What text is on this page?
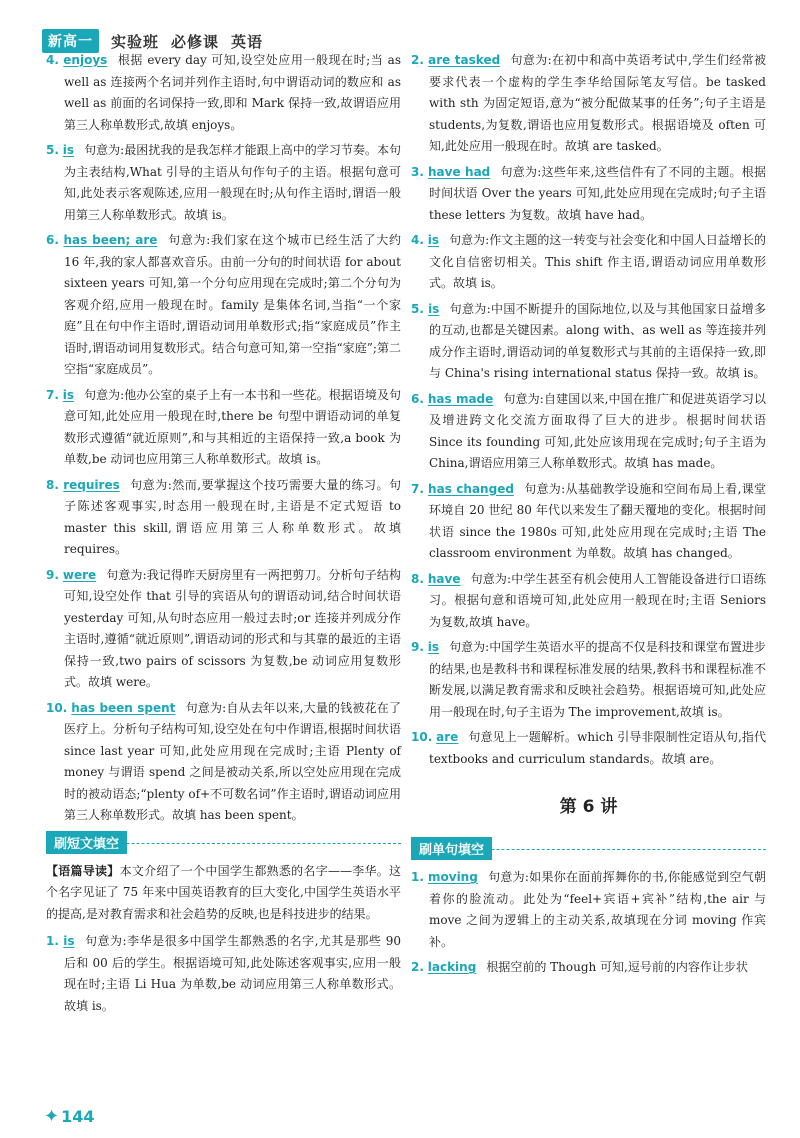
新高一	实验班 必修课 英语

4. enjoys 根据 every day 可知,设空处应用一般现在时;当 as well as 连接两个名词并列作主语时,句中谓语动词的数应和 as well as 前面的名词保持一致,即和 Mark 保持一致,故谓语应用第三人称单数形式,故填 enjoys。

5. is 句意为:最困扰我的是我怎样才能跟上高中的学习节奏。本句为主表结构,What 引导的主语从句作句子的主语。根据句意可知,此处表示客观陈述,应用一般现在时;从句作主语时,谓语一般用第三人称单数形式。故填 is。

6. has been; are 句意为:我们家在这个城市已经生活了大约 16 年,我的家人都喜欢音乐。由前一分句的时间状语 for about sixteen years 可知,第一个分句应用现在完成时;第二个分句为客观介绍,应用一般现在时。family 是集体名词,当指“一个家庭”且在句中作主语时,谓语动词用单数形式;指“家庭成员”作主语时,谓语动词用复数形式。结合句意可知,第一空指“家庭”;第二空指“家庭成员”。

7. is 句意为:他办公室的桌子上有一本书和一些花。根据语境及句意可知,此处应用一般现在时,there be 句型中谓语动词的单复数形式遵循“就近原则”,和与其相近的主语保持一致,a book 为单数,be 动词也应用第三人称单数形式。故填 is。

8. requires 句意为:然而,要掌握这个技巧需要大量的练习。句子陈述客观事实,时态用一般现在时,主语是不定式短语 to master this skill,谓语应用第三人称单数形式。故填 requires。

9. were 句意为:我记得昨天厨房里有一两把剪刀。分析句子结构可知,设空处作 that 引导的宾语从句的谓语动词,结合时间状语 yesterday 可知,从句时态应用一般过去时;or 连接并列成分作主语时,遵循“就近原则”,谓语动词的形式和与其靠的最近的主语保持一致,two pairs of scissors 为复数,be 动词应用复数形式。故填 were。

10. has been spent 句意为:自从去年以来,大量的钱被花在了医疗上。分析句子结构可知,设空处在句中作谓语,根据时间状语 since last year 可知,此处应用现在完成时;主语 Plenty of money 与谓语 spend 之间是被动关系,所以空处应用现在完成时的被动语态;“plenty of+不可数名词”作主语时,谓语动词应用第三人称单数形式。故填 has been spent。

刷短文填空

【语篇导读】本文介绍了一个中国学生都熟悉的名字——李华。这个名字见证了 75 年来中国英语教育的巨大变化,中国学生英语水平的提高,是对教育需求和社会趋势的反映,也是科技进步的结果。

1. is 句意为:李华是很多中国学生都熟悉的名字,尤其是那些 90 后和 00 后的学生。根据语境可知,此处陈述客观事实,应用一般现在时;主语 Li Hua 为单数,be 动词应用第三人称单数形式。故填 is。

2. are tasked 句意为:在初中和高中英语考试中,学生们经常被要求代表一个虚构的学生李华给国际笔友写信。be tasked with sth 为固定短语,意为“被分配做某事的任务”;句子主语是 students,为复数,谓语也应用复数形式。根据语境及 often 可知,此处应用一般现在时。故填 are tasked。

3. have had 句意为:这些年来,这些信件有了不同的主题。根据时间状语 Over the years 可知,此处应用现在完成时;句子主语 these letters 为复数。故填 have had。

4. is 句意为:作文主题的这一转变与社会变化和中国人日益增长的文化自信密切相关。This shift 作主语,谓语动词应用单数形式。故填 is。

5. is 句意为:中国不断提升的国际地位,以及与其他国家日益增多的互动,也都是关键因素。along with、as well as 等连接并列成分作主语时,谓语动词的单复数形式与其前的主语保持一致,即与 China's rising international status 保持一致。故填 is。

6. has made 句意为:自建国以来,中国在推广和促进英语学习以及增进跨文化交流方面取得了巨大的进步。根据时间状语 Since its founding 可知,此处应该用现在完成时;句子主语为 China,谓语应用第三人称单数形式。故填 has made。

7. has changed 句意为:从基础教学设施和空间布局上看,课堂环境自 20 世纪 80 年代以来发生了翻天覆地的变化。根据时间状语 since the 1980s 可知,此处应用现在完成时;主语 The classroom environment 为单数。故填 has changed。

8. have 句意为:中学生甚至有机会使用人工智能设备进行口语练习。根据句意和语境可知,此处应用一般现在时;主语 Seniors 为复数,故填 have。

9. is 句意为:中国学生英语水平的提高不仅是科技和课堂布置进步的结果,也是教科书和课程标准发展的结果,教科书和课程标准不断发展,以满足教育需求和反映社会趋势。根据语境可知,此处应用一般现在时,句子主语为 The improvement,故填 is。

10. are 句意见上一题解析。which 引导非限制性定语从句,指代 textbooks and curriculum standards。故填 are。

第 6 讲
刷单句填空

1. moving 句意为:如果你在面前挥舞你的书,你能感觉到空气朝着你的脸流动。此处为“feel+宾语+宾补”结构,the air 与 move 之间为逻辑上的主动关系,故填现在分词 moving 作宾补。

2. lacking 根据空前的 Though 可知,逗号前的内容作让步状

✦ 144
